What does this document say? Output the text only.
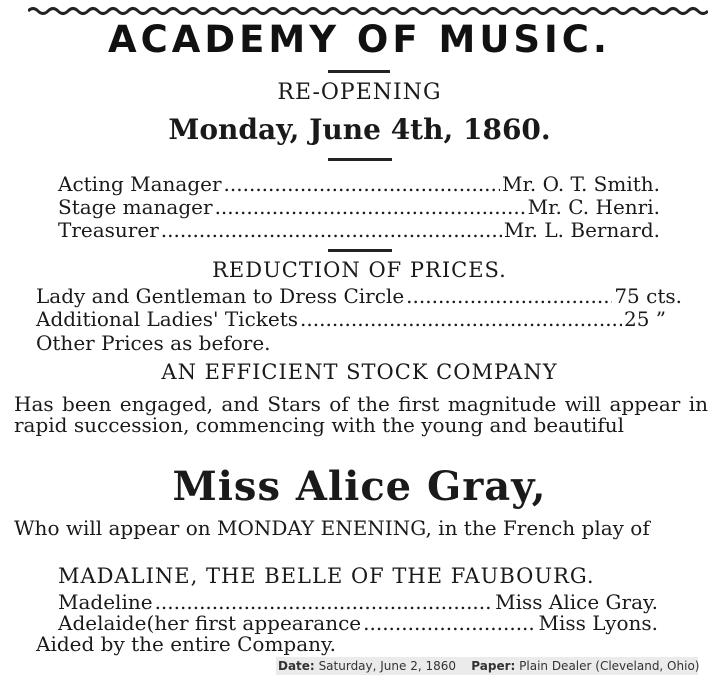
ACADEMY OF MUSIC.
RE-OPENING
Monday, June 4th, 1860.
Acting Manager .....	Mr. O. T. Smith.
Stage manager .....	Mr. C. Henri.
Treasurer .....	Mr. L. Bernard.
REDUCTION OF PRICES.
Lady and Gentleman to Dress Circle .....	75 cts.
Additional Ladies' Tickets .....	25 ”
Other Prices as before.
AN EFFICIENT STOCK COMPANY
Has been engaged, and Stars of the first magnitude will appear in rapid succession, commencing with the young and beautiful
Miss Alice Gray,
Who will appear on MONDAY ENENING, in the French play of
MADALINE, THE BELLE OF THE FAUBOURG.
Madeline .....	Miss Alice Gray.
Adelaide(her first appearance .....	Miss Lyons.
Aided by the entire Company.
Date: Saturday, June 2, 1860 Paper: Plain Dealer (Cleveland, Ohio)
